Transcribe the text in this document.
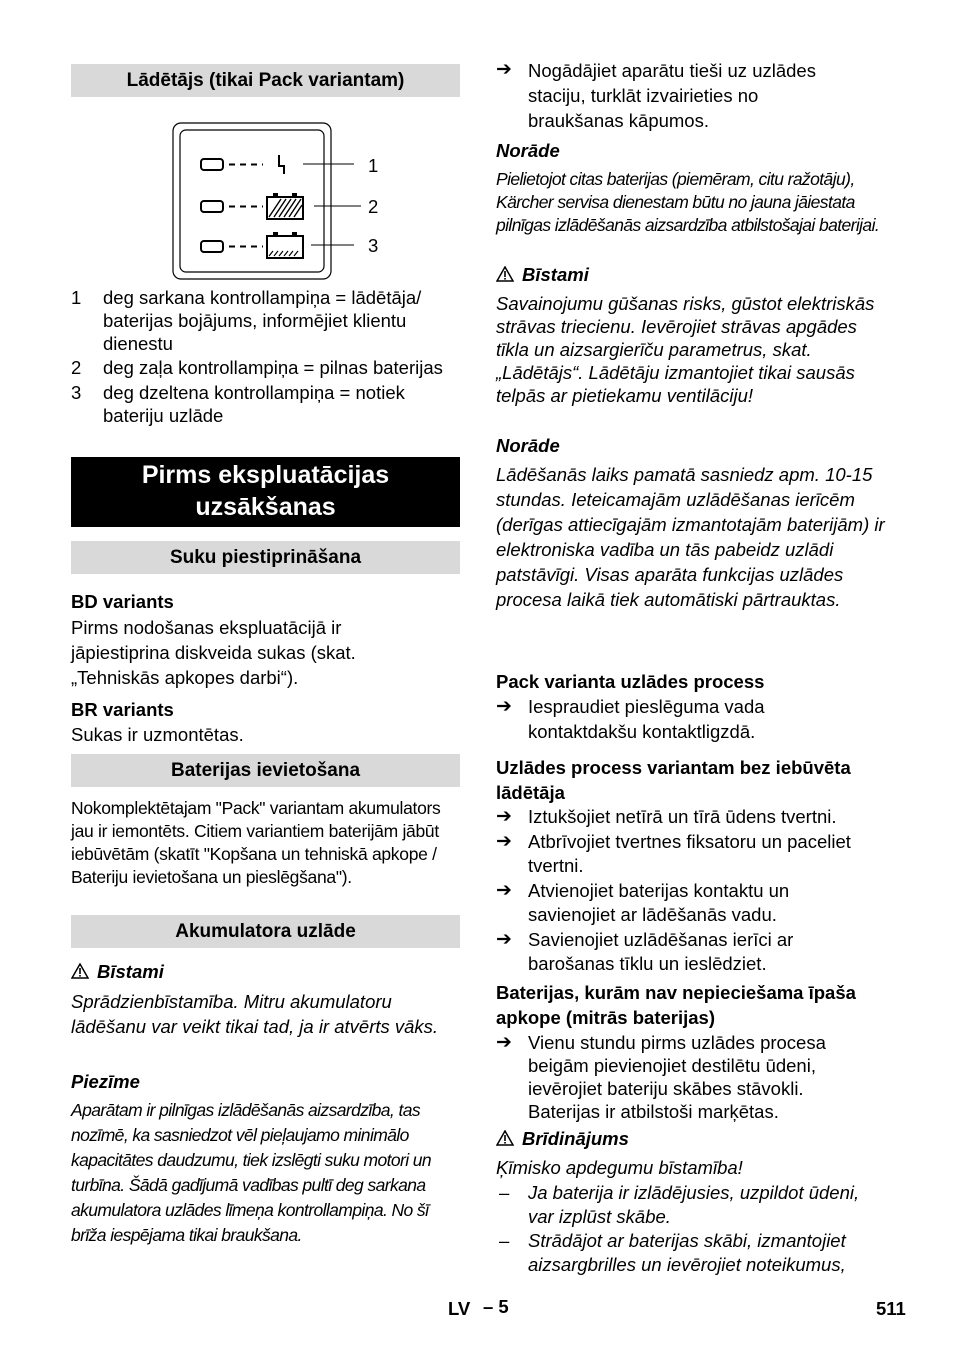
Lādētājs (tikai Pack variantam)
1
2
3
1 deg sarkana kontrollampiņa = lādētāja/ baterijas bojājums, informējiet klientu dienestu
2 deg zaļa kontrollampiņa = pilnas baterijas
3 deg dzeltena kontrollampiņa = notiek bateriju uzlāde
Pirms ekspluatācijas uzsākšanas
Suku piestiprināšana
BD variants
Pirms nodošanas ekspluatācijā ir jāpiestiprina diskveida sukas (skat. „Tehniskās apkopes darbi“).
BR variants
Sukas ir uzmontētas.
Baterijas ievietošana
Nokomplektētajam "Pack" variantam akumulators jau ir iemontēts. Citiem variantiem baterijām jābūt iebūvētām (skatīt "Kopšana un tehniskā apkope / Bateriju ievietošana un pieslēgšana").
Akumulatora uzlāde
Bīstami
Sprādzienbīstamība. Mitru akumulatoru lādēšanu var veikt tikai tad, ja ir atvērts vāks.
Piezīme
Aparātam ir pilnīgas izlādēšanās aizsardzība, tas nozīmē, ka sasniedzot vēl pieļaujamo minimālo kapacitātes daudzumu, tiek izslēgti suku motori un turbīna. Šādā gadījumā vadības pultī deg sarkana akumulatora uzlādes līmeņa kontrollampiņa. No šī brīža iespējama tikai braukšana.
➔ Nogādājiet aparātu tieši uz uzlādes staciju, turklāt izvairieties no braukšanas kāpumos.
Norāde
Pielietojot citas baterijas (piemēram, citu ražotāju), Kärcher servisa dienestam būtu no jauna jāiestata pilnīgas izlādēšanās aizsardzība atbilstošajai baterijai.
Bīstami
Savainojumu gūšanas risks, gūstot elektriskās strāvas triecienu. Ievērojiet strāvas apgādes tīkla un aizsargierīču parametrus, skat. „Lādētājs“. Lādētāju izmantojiet tikai sausās telpās ar pietiekamu ventilāciju!
Norāde
Lādēšanās laiks pamatā sasniedz apm. 10-15 stundas. Ieteicamajām uzlādēšanas ierīcēm (derīgas attiecīgajām izmantotajām baterijām) ir elektroniska vadība un tās pabeidz uzlādi patstāvīgi. Visas aparāta funkcijas uzlādes procesa laikā tiek automātiski pārtrauktas.
Pack varianta uzlādes process
➔ Iespraudiet pieslēguma vada kontaktdakšu kontaktligzdā.
Uzlādes process variantam bez iebūvēta lādētāja
➔ Iztukšojiet netīrā un tīrā ūdens tvertni.
➔ Atbrīvojiet tvertnes fiksatoru un paceliet tvertni.
➔ Atvienojiet baterijas kontaktu un savienojiet ar lādēšanās vadu.
➔ Savienojiet uzlādēšanas ierīci ar barošanas tīklu un ieslēdziet.
Baterijas, kurām nav nepieciešama īpaša apkope (mitrās baterijas)
➔ Vienu stundu pirms uzlādes procesa beigām pievienojiet destilētu ūdeni, ievērojiet bateriju skābes stāvokli. Baterijas ir atbilstoši marķētas.
Brīdinājums
Ķīmisko apdegumu bīstamība!
–	Ja baterija ir izlādējusies, uzpildot ūdeni, var izplūst skābe.
–	Strādājot ar baterijas skābi, izmantojiet aizsargbrilles un ievērojiet noteikumus,
LV – 5	511
